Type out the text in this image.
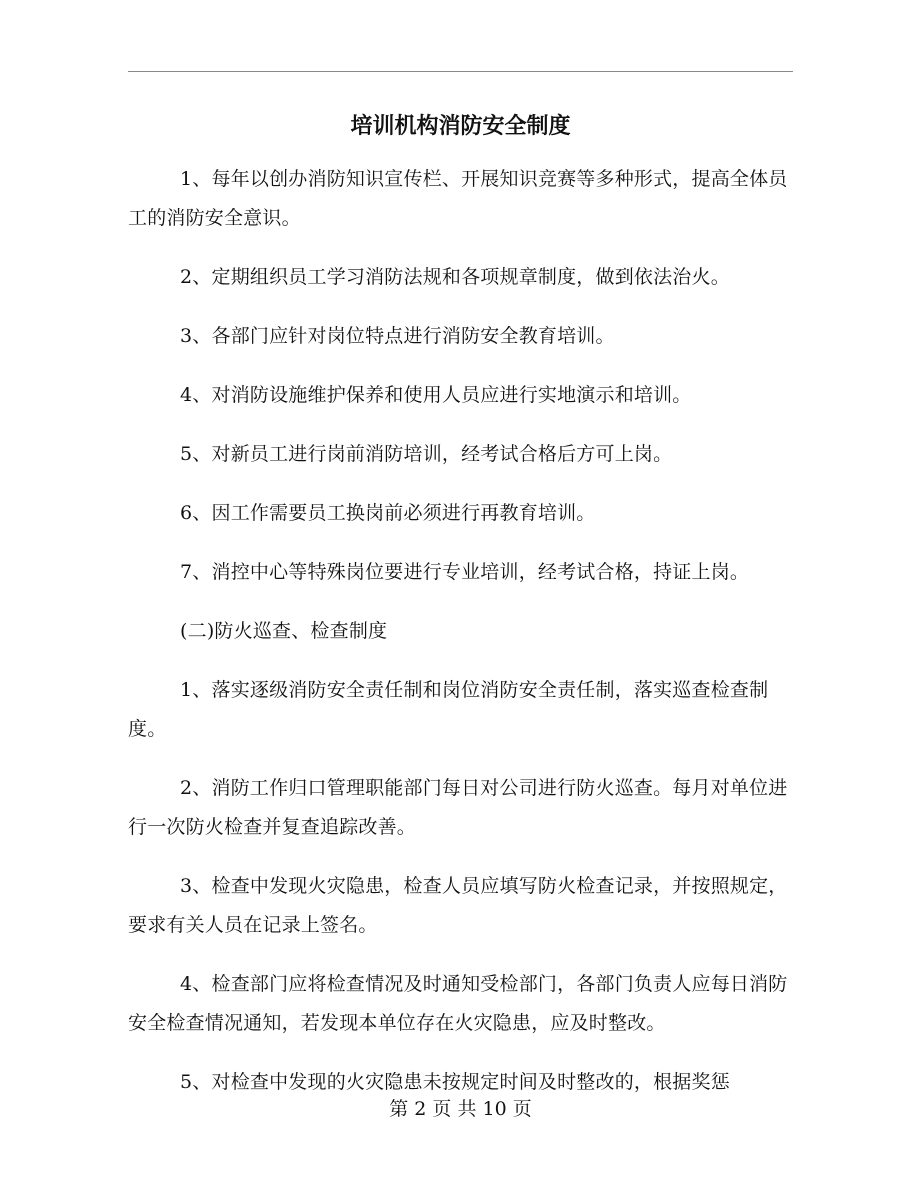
培训机构消防安全制度

1、每年以创办消防知识宣传栏、开展知识竞赛等多种形式，提高全体员工的消防安全意识。

2、定期组织员工学习消防法规和各项规章制度，做到依法治火。

3、各部门应针对岗位特点进行消防安全教育培训。

4、对消防设施维护保养和使用人员应进行实地演示和培训。

5、对新员工进行岗前消防培训，经考试合格后方可上岗。

6、因工作需要员工换岗前必须进行再教育培训。

7、消控中心等特殊岗位要进行专业培训，经考试合格，持证上岗。

(二)防火巡查、检查制度

1、落实逐级消防安全责任制和岗位消防安全责任制，落实巡查检查制度。

2、消防工作归口管理职能部门每日对公司进行防火巡查。每月对单位进行一次防火检查并复查追踪改善。

3、检查中发现火灾隐患，检查人员应填写防火检查记录，并按照规定，要求有关人员在记录上签名。

4、检查部门应将检查情况及时通知受检部门，各部门负责人应每日消防安全检查情况通知，若发现本单位存在火灾隐患，应及时整改。

5、对检查中发现的火灾隐患未按规定时间及时整改的，根据奖惩

第 2 页 共 10 页
